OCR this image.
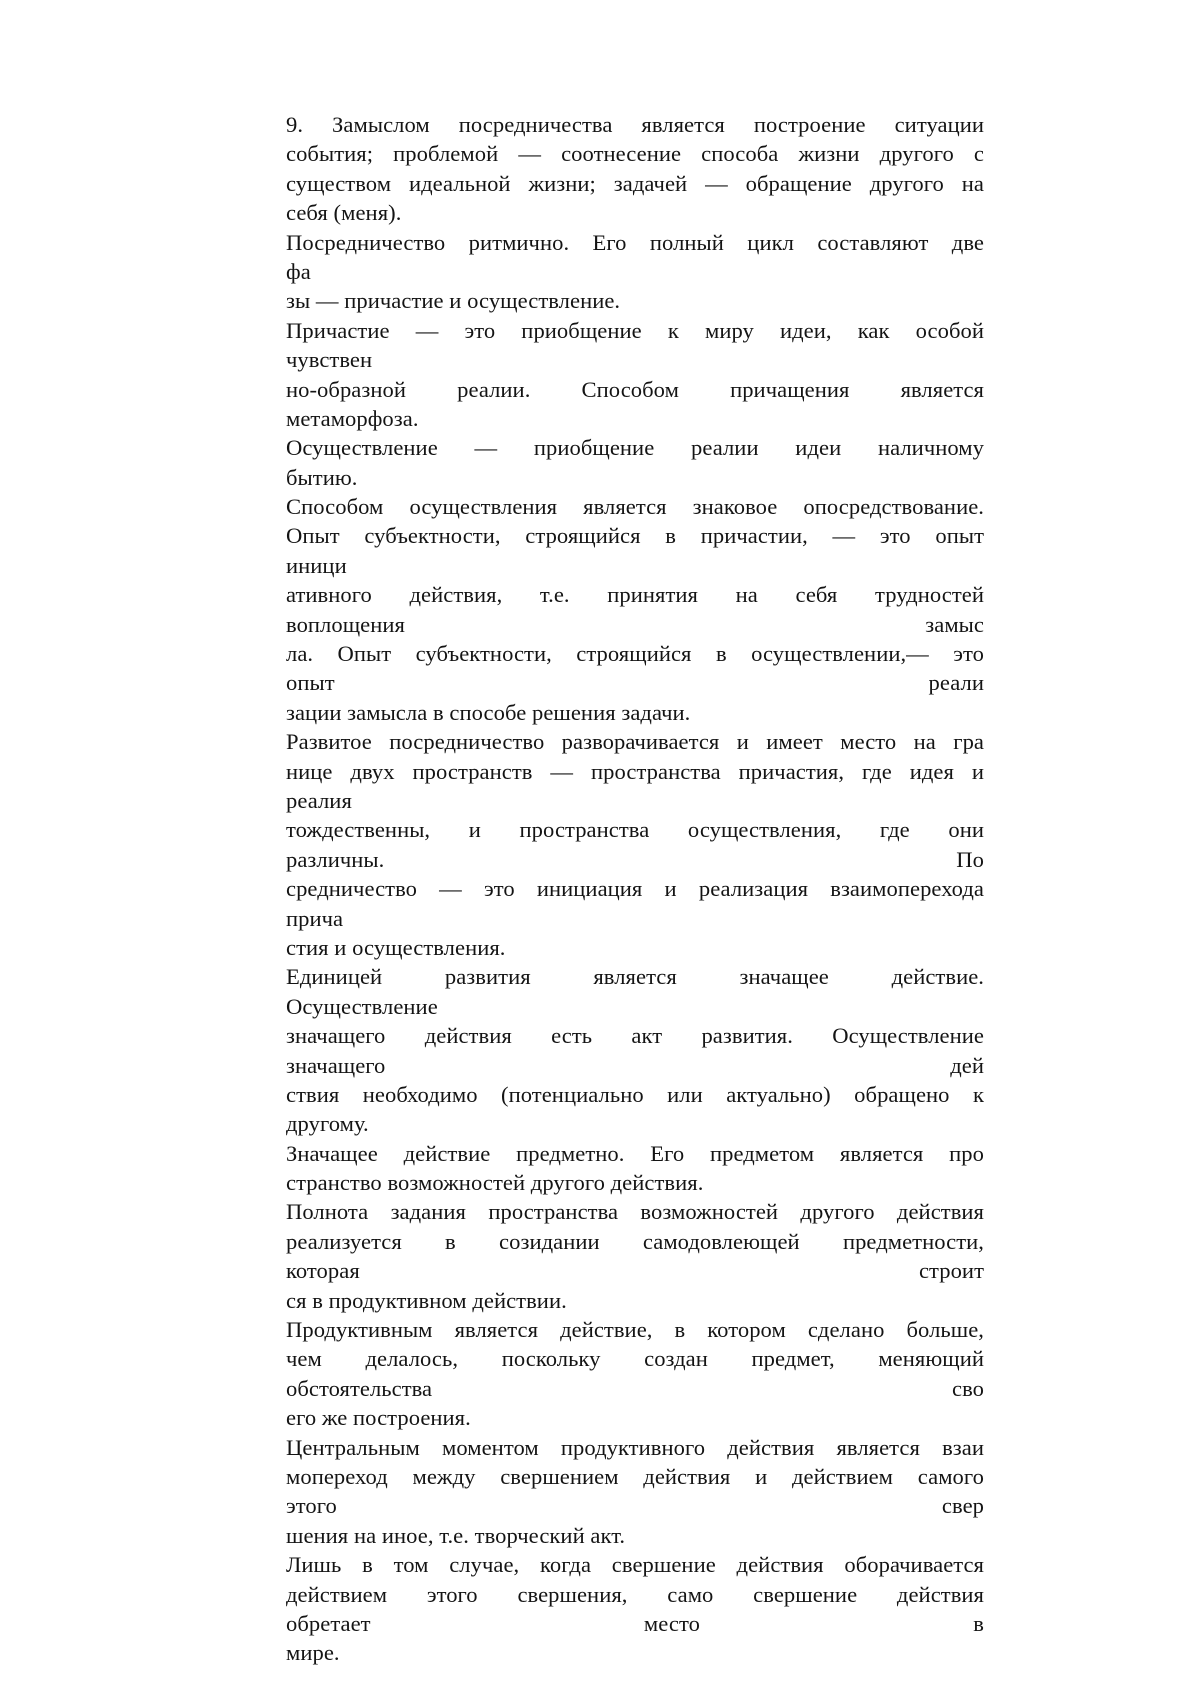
9. Замыслом посредничества является построение ситуации
события; проблемой — соотнесение способа жизни другого с
существом идеальной жизни; задачей — обращение другого на
себя (меня).
Посредничество ритмично. Его полный цикл составляют две
фа
зы — причастие и осуществление.
Причастие — это приобщение к миру идеи, как особой
чувствен
но-образной реалии. Способом причащения является
метаморфоза.
Осуществление — приобщение реалии идеи наличному
бытию.
Способом осуществления является знаковое опосредствование.
Опыт субъектности, строящийся в причастии, — это опыт
иници
ативного действия, т.е. принятия на себя трудностей
воплощения замыс
ла. Опыт субъектности, строящийся в осуществлении,— это
опыт реали
зации замысла в способе решения задачи.
Развитое посредничество разворачивается и имеет место на гра
нице двух пространств — пространства причастия, где идея и
реалия
тождественны, и пространства осуществления, где они
различны. По
средничество — это инициация и реализация взаимоперехода
прича
стия и осуществления.
Единицей развития является значащее действие.
Осуществление
значащего действия есть акт развития. Осуществление
значащего дей
ствия необходимо (потенциально или актуально) обращено к
другому.
Значащее действие предметно. Его предметом является про
странство возможностей другого действия.
Полнота задания пространства возможностей другого действия
реализуется в созидании самодовлеющей предметности,
которая строит
ся в продуктивном действии.
Продуктивным является действие, в котором сделано больше,
чем делалось, поскольку создан предмет, меняющий
обстоятельства сво
его же построения.
Центральным моментом продуктивного действия является взаи
мопереход между свершением действия и действием самого
этого свер
шения на иное, т.е. творческий акт.
Лишь в том случае, когда свершение действия оборачивается
действием этого свершения, само свершение действия
обретает место в
мире.
